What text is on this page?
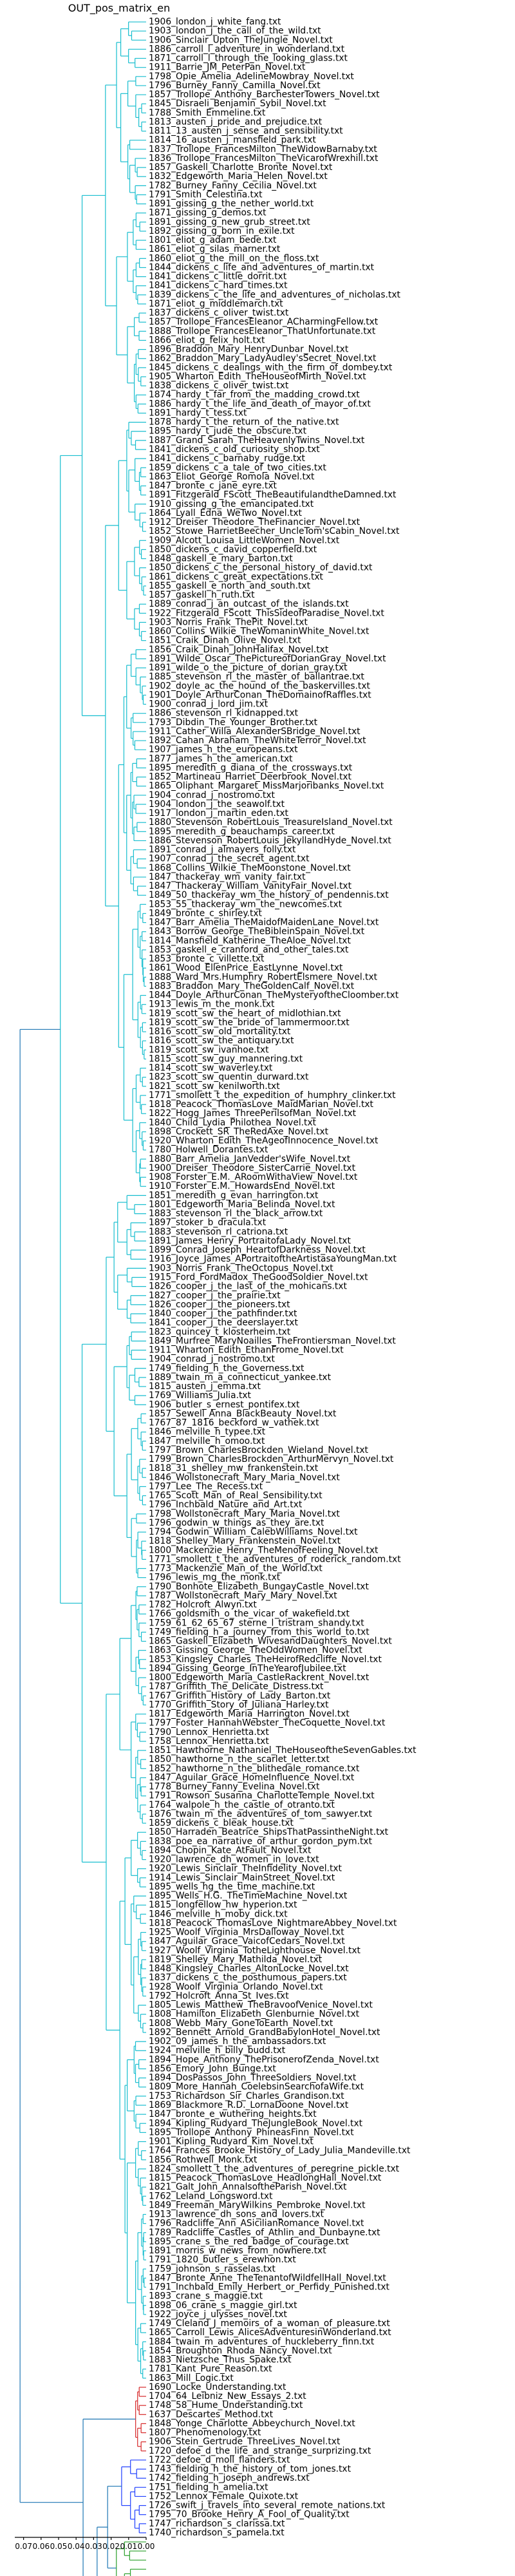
OUT_pos_matrix_en
1906_london_j_white_fang.txt
1903_london_j_the_call_of_the_wild.txt
1906_Sinclair_Upton_TheJungle_Novel.txt
1886_carroll_l_adventure_in_wonderland.txt
1871_carroll_l_through_the_looking_glass.txt
1911_Barrie_JM_PeterPan_Novel.txt
1798_Opie_Amelia_AdelineMowbray_Novel.txt
1796_Burney_Fanny_Camilla_Novel.txt
1857_Trollope_Anthony_BarchesterTowers_Novel.txt
1845_Disraeli_Benjamin_Sybil_Novel.txt
1788_Smith_Emmeline.txt
1813_austen_j_pride_and_prejudice.txt
1811_13_austen_j_sense_and_sensibility.txt
1814_16_austen_j_mansfield_park.txt
1837_Trollope_FrancesMilton_TheWidowBarnaby.txt
1836_Trollope_FrancesMilton_TheVicarofWrexhill.txt
1857_Gaskell_Charlotte_Bronte_Novel.txt
1832_Edgeworth_Maria_Helen_Novel.txt
1782_Burney_Fanny_Cecilia_Novel.txt
1791_Smith_Celestina.txt
1891_gissing_g_the_nether_world.txt
1871_gissing_g_demos.txt
1891_gissing_g_new_grub_street.txt
1892_gissing_g_born_in_exile.txt
1801_eliot_g_adam_bede.txt
1861_eliot_g_silas_marner.txt
1860_eliot_g_the_mill_on_the_floss.txt
1844_dickens_c_life_and_adventures_of_martin.txt
1841_dickens_c_little_dorrit.txt
1841_dickens_c_hard_times.txt
1839_dickens_c_the_life_and_adventures_of_nicholas.txt
1871_eliot_g_middlemarch.txt
1837_dickens_c_oliver_twist.txt
1857_Trollope_FrancesEleanor_ACharmingFellow.txt
1888_Trollope_FrancesEleanor_ThatUnfortunate.txt
1866_eliot_g_felix_holt.txt
1896_Braddon_Mary_HenryDunbar_Novel.txt
1862_Braddon_Mary_LadyAudley'sSecret_Novel.txt
1845_dickens_c_dealings_with_the_firm_of_dombey.txt
1905_Wharton_Edith_TheHouseofMirth_Novel.txt
1838_dickens_c_oliver_twist.txt
1874_hardy_t_far_from_the_madding_crowd.txt
1886_hardy_t_the_life_and_death_of_mayor_of.txt
1891_hardy_t_tess.txt
1878_hardy_t_the_return_of_the_native.txt
1895_hardy_t_jude_the_obscure.txt
1887_Grand_Sarah_TheHeavenlyTwins_Novel.txt
1841_dickens_c_old_curiosity_shop.txt
1841_dickens_c_barnaby_rudge.txt
1859_dickens_c_a_tale_of_two_cities.txt
1863_Eliot_George_Romola_Novel.txt
1847_bronte_c_jane_eyre.txt
1891_Fitzgerald_FScott_TheBeautifulandtheDamned.txt
1910_gissing_g_the_emancipated.txt
1864_Lyall_Edna_WeTwo_Novel.txt
1912_Dreiser_Theodore_TheFinancier_Novel.txt
1852_Stowe_HarrietBeecher_UncleTom'sCabin_Novel.txt
1909_Alcott_Louisa_LittleWomen_Novel.txt
1850_dickens_c_david_copperfield.txt
1848_gaskell_e_mary_barton.txt
1850_dickens_c_the_personal_history_of_david.txt
1861_dickens_c_great_expectations.txt
1855_gaskell_e_north_and_south.txt
1857_gaskell_h_ruth.txt
1889_conrad_j_an_outcast_of_the_islands.txt
1922_Fitzgerald_FScott_ThisSideofParadise_Novel.txt
1903_Norris_Frank_ThePit_Novel.txt
1860_Collins_Wilkie_TheWomaninWhite_Novel.txt
1851_Craik_Dinah_Olive_Novel.txt
1856_Craik_Dinah_JohnHalifax_Novel.txt
1891_Wilde_Oscar_ThePictureofDorianGray_Novel.txt
1891_wilde_o_the_picture_of_dorian_gray.txt
1885_stevenson_rl_the_master_of_ballantrae.txt
1902_doyle_ac_the_hound_of_the_baskervilles.txt
1901_Doyle_ArthurConan_TheDomainofRaffles.txt
1900_conrad_j_lord_jim.txt
1886_stevenson_rl_kidnapped.txt
1793_Dibdin_The_Younger_Brother.txt
1911_Cather_Willa_AlexanderSBridge_Novel.txt
1892_Cahan_Abraham_TheWhiteTerror_Novel.txt
1907_james_h_the_europeans.txt
1877_james_h_the_american.txt
1895_meredith_g_diana_of_the_crossways.txt
1852_Martineau_Harriet_Deerbrook_Novel.txt
1865_Oliphant_Margaret_MissMarjoribanks_Novel.txt
1904_conrad_j_nostromo.txt
1904_london_j_the_seawolf.txt
1917_london_j_martin_eden.txt
1880_Stevenson_RobertLouis_TreasureIsland_Novel.txt
1895_meredith_g_beauchamps_career.txt
1886_Stevenson_RobertLouis_JekyllandHyde_Novel.txt
1891_conrad_j_almayers_folly.txt
1907_conrad_j_the_secret_agent.txt
1868_Collins_Wilkie_TheMoonstone_Novel.txt
1847_thackeray_wm_vanity_fair.txt
1847_Thackeray_William_VanityFair_Novel.txt
1849_50_thackeray_wm_the_history_of_pendennis.txt
1853_55_thackeray_wm_the_newcomes.txt
1849_bronte_c_shirley.txt
1847_Barr_Amelia_TheMaidofMaidenLane_Novel.txt
1843_Borrow_George_TheBibleinSpain_Novel.txt
1814_Mansfield_Katherine_TheAloe_Novel.txt
1853_gaskell_e_cranford_and_other_tales.txt
1853_bronte_c_villette.txt
1861_Wood_EllenPrice_EastLynne_Novel.txt
1888_Ward_Mrs.Humphry_RobertElsmere_Novel.txt
1883_Braddon_Mary_TheGoldenCalf_Novel.txt
1844_Doyle_ArthurConan_TheMysteryoftheCloomber.txt
1913_lewis_m_the_monk.txt
1819_scott_sw_the_heart_of_midlothian.txt
1819_scott_sw_the_bride_of_lammermoor.txt
1816_scott_sw_old_mortality.txt
1816_scott_sw_the_antiquary.txt
1819_scott_sw_ivanhoe.txt
1815_scott_sw_guy_mannering.txt
1814_scott_sw_waverley.txt
1823_scott_sw_quentin_durward.txt
1821_scott_sw_kenilworth.txt
1771_smollett_t_the_expedition_of_humphry_clinker.txt
1818_Peacock_ThomasLove_MaidMarian_Novel.txt
1822_Hogg_James_ThreePerilsofMan_Novel.txt
1840_Child_Lydia_Philothea_Novel.txt
1898_Crockett_SR_TheRedAxe_Novel.txt
1920_Wharton_Edith_TheAgeofInnocence_Novel.txt
1780_Holwell_Dorantes.txt
1880_Barr_Amelia_JanVedder'sWife_Novel.txt
1900_Dreiser_Theodore_SisterCarrie_Novel.txt
1908_Forster_E.M._ARoomWithaView_Novel.txt
1910_Forster_E.M._HowardsEnd_Novel.txt
1851_meredith_g_evan_harrington.txt
1801_Edgeworth_Maria_Belinda_Novel.txt
1883_stevenson_rl_the_black_arrow.txt
1897_stoker_b_dracula.txt
1883_stevenson_rl_catriona.txt
1891_James_Henry_PortraitofaLady_Novel.txt
1899_Conrad_Joseph_HeartofDarkness_Novel.txt
1916_Joyce_James_APortraitoftheArtistasaYoungMan.txt
1903_Norris_Frank_TheOctopus_Novel.txt
1915_Ford_FordMadox_TheGoodSoldier_Novel.txt
1826_cooper_j_the_last_of_the_mohicans.txt
1827_cooper_j_the_prairie.txt
1826_cooper_j_the_pioneers.txt
1840_cooper_j_the_pathfinder.txt
1841_cooper_j_the_deerslayer.txt
1823_quincey_t_klosterheim.txt
1849_Murfree_MaryNoailles_TheFrontiersman_Novel.txt
1911_Wharton_Edith_EthanFrome_Novel.txt
1904_conrad_j_nostromo.txt
1749_fielding_h_the_Governess.txt
1889_twain_m_a_connecticut_yankee.txt
1815_austen_j_emma.txt
1769_Williams_Julia.txt
1906_butler_s_ernest_pontifex.txt
1857_Sewell_Anna_BlackBeauty_Novel.txt
1767_87_1816_beckford_w_vathek.txt
1846_melville_h_typee.txt
1847_melville_h_omoo.txt
1797_Brown_CharlesBrockden_Wieland_Novel.txt
1799_Brown_CharlesBrockden_ArthurMervyn_Novel.txt
1818_31_shelley_mw_frankenstein.txt
1846_Wollstonecraft_Mary_Maria_Novel.txt
1797_Lee_The_Recess.txt
1765_Scott_Man_of_Real_Sensibility.txt
1796_Inchbald_Nature_and_Art.txt
1798_Wollstonecraft_Mary_Maria_Novel.txt
1796_godwin_w_things_as_they_are.txt
1794_Godwin_William_CalebWilliams_Novel.txt
1818_Shelley_Mary_Frankenstein_Novel.txt
1800_Mackenzie_Henry_TheMenofFeeling_Novel.txt
1771_smollett_t_the_adventures_of_roderick_random.txt
1773_Mackenzie_Man_of_the_World.txt
1796_lewis_mg_the_monk.txt
1790_Bonhote_Elizabeth_BungayCastle_Novel.txt
1787_Wollstonecraft_Mary_Mary_Novel.txt
1782_Holcroft_Alwyn.txt
1766_goldsmith_o_the_vicar_of_wakefield.txt
1759_61_62_65_67_sterne_l_tristram_shandy.txt
1749_fielding_h_a_journey_from_this_world_to.txt
1865_Gaskell_Elizabeth_WivesandDaughters_Novel.txt
1863_Gissing_George_TheOddWomen_Novel.txt
1853_Kingsley_Charles_TheHeirofRedcliffe_Novel.txt
1894_Gissing_George_InTheYearofJubilee.txt
1800_Edgeworth_Maria_CastleRackrent_Novel.txt
1787_Griffith_The_Delicate_Distress.txt
1767_Griffith_History_of_Lady_Barton.txt
1770_Griffith_Story_of_Juliana_Harley.txt
1817_Edgeworth_Maria_Harrington_Novel.txt
1797_Foster_HannahWebster_TheCoquette_Novel.txt
1790_Lennox_Henrietta.txt
1758_Lennox_Henrietta.txt
1851_Hawthorne_Nathaniel_TheHouseoftheSevenGables.txt
1850_hawthorne_n_the_scarlet_letter.txt
1852_hawthorne_n_the_blithedale_romance.txt
1847_Aguilar_Grace_HomeInfluence_Novel.txt
1778_Burney_Fanny_Evelina_Novel.txt
1791_Rowson_Susanna_CharlotteTemple_Novel.txt
1764_walpole_h_the_castle_of_otranto.txt
1876_twain_m_the_adventures_of_tom_sawyer.txt
1859_dickens_c_bleak_house.txt
1850_Harraden_Beatrice_ShipsThatPassintheNight.txt
1838_poe_ea_narrative_of_arthur_gordon_pym.txt
1894_Chopin_Kate_AtFault_Novel.txt
1920_lawrence_dh_women_in_love.txt
1920_Lewis_Sinclair_TheInfidelity_Novel.txt
1914_Lewis_Sinclair_MainStreet_Novel.txt
1895_wells_hg_the_time_machine.txt
1895_Wells_H.G._TheTimeMachine_Novel.txt
1815_longfellow_hw_hyperion.txt
1846_melville_h_moby_dick.txt
1818_Peacock_ThomasLove_NightmareAbbey_Novel.txt
1925_Woolf_Virginia_MrsDalloway_Novel.txt
1847_Aguilar_Grace_VaicofCedars_Novel.txt
1927_Woolf_Virginia_TotheLighthouse_Novel.txt
1819_Shelley_Mary_Mathilda_Novel.txt
1848_Kingsley_Charles_AltonLocke_Novel.txt
1837_dickens_c_the_posthumous_papers.txt
1928_Woolf_Virginia_Orlando_Novel.txt
1792_Holcroft_Anna_St_Ives.txt
1805_Lewis_Matthew_TheBravoofVenice_Novel.txt
1808_Hamilton_Elizabeth_Glenburnie_Novel.txt
1808_Webb_Mary_GoneToEarth_Novel.txt
1892_Bennett_Arnold_GrandBabylonHotel_Novel.txt
1902_09_james_h_the_ambassadors.txt
1924_melville_h_billy_budd.txt
1894_Hope_Anthony_ThePrisonerofZenda_Novel.txt
1856_Emory_John_Bunge.txt
1894_DosPassos_John_ThreeSoldiers_Novel.txt
1809_More_Hannah_CoelebsinSearchofaWife.txt
1753_Richardson_Sir_Charles_Grandison.txt
1869_Blackmore_R.D._LornaDoone_Novel.txt
1847_bronte_e_wuthering_heights.txt
1894_Kipling_Rudyard_TheJungleBook_Novel.txt
1895_Trollope_Anthony_PhineasFinn_Novel.txt
1901_Kipling_Rudyard_Kim_Novel.txt
1764_Frances_Brooke_History_of_Lady_Julia_Mandeville.txt
1856_Rothwell_Monk.txt
1824_smollett_t_the_adventures_of_peregrine_pickle.txt
1815_Peacock_ThomasLove_HeadlongHall_Novel.txt
1821_Galt_John_AnnalsoftheParish_Novel.txt
1762_Leland_Longsword.txt
1849_Freeman_MaryWilkins_Pembroke_Novel.txt
1913_lawrence_dh_sons_and_lovers.txt
1796_Radcliffe_Ann_ASicilianRomance_Novel.txt
1789_Radcliffe_Castles_of_Athlin_and_Dunbayne.txt
1895_crane_s_the_red_badge_of_courage.txt
1891_morris_w_news_from_nowhere.txt
1791_1820_butler_s_erewhon.txt
1759_johnson_s_rasselas.txt
1847_Bronte_Anne_TheTenantofWildfellHall_Novel.txt
1791_Inchbald_Emily_Herbert_or_Perfidy_Punished.txt
1893_crane_s_maggie.txt
1898_06_crane_s_maggie_girl.txt
1922_joyce_j_ulysses_novel.txt
1749_Cleland_J_memoirs_of_a_woman_of_pleasure.txt
1865_Carroll_Lewis_AlicesAdventuresinWonderland.txt
1884_twain_m_adventures_of_huckleberry_finn.txt
1854_Broughton_Rhoda_Nancy_Novel.txt
1883_Nietzsche_Thus_Spake.txt
1781_Kant_Pure_Reason.txt
1863_Mill_Logic.txt
1690_Locke_Understanding.txt
1704_64_Leibniz_New_Essays_2.txt
1748_58_Hume_Understanding.txt
1637_Descartes_Method.txt
1848_Yonge_Charlotte_Abbeychurch_Novel.txt
1807_Phenomenology.txt
1906_Stein_Gertrude_ThreeLives_Novel.txt
1720_defoe_d_the_life_and_strange_surprizing.txt
1722_defoe_d_moll_flanders.txt
1743_fielding_h_the_history_of_tom_jones.txt
1742_fielding_h_joseph_andrews.txt
1751_fielding_h_amelia.txt
1752_Lennox_Female_Quixote.txt
1726_swift_j_travels_into_several_remote_nations.txt
1795_70_Brooke_Henry_A_Fool_of_Quality.txt
1747_richardson_s_clarissa.txt
1740_richardson_s_pamela.txt
0.07 0.06 0.05 0.04 0.03 0.02 0.01 0.00
